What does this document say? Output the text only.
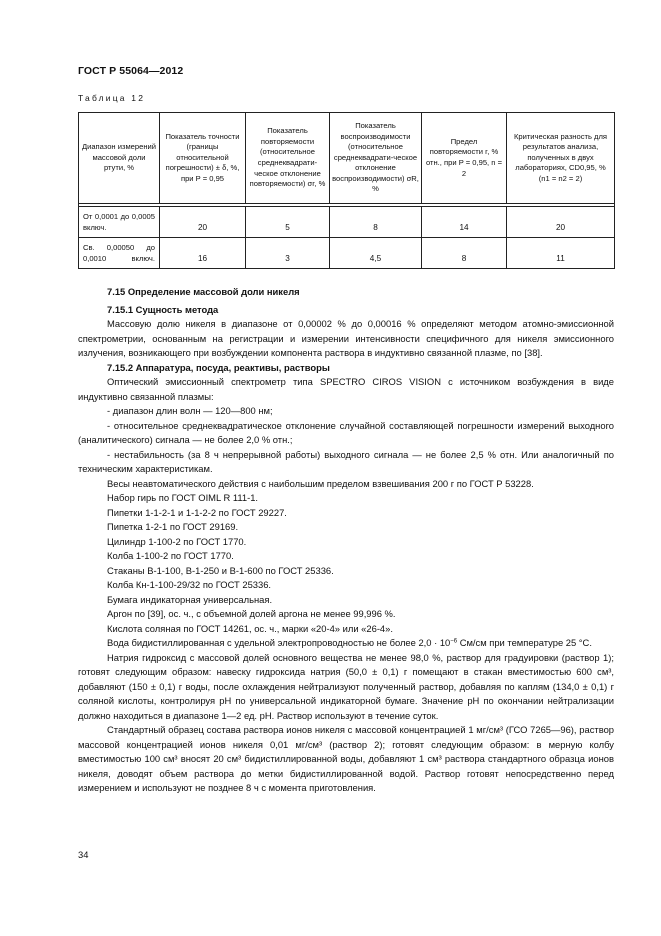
ГОСТ Р 55064—2012
Таблица 12
Диапазон измерений массовой доли ртути, %	Показатель точности (границы относительной погрешности) ± δ, %, при P = 0,95	Показатель повторяемости (относительное среднеквадрати-ческое отклонение повторяемости) σr, %	Показатель воспроизводимости (относительное среднеквадрати-ческое отклонение воспроизводимости) σR, %	Предел повторяемости r, % отн., при P = 0,95, n = 2	Критическая разность для результатов анализа, полученных в двух лабораториях, CD0,95, % (n1 = n2 = 2)

От 0,0001 до 0,0005 включ.	20	5	8	14	20
Св. 0,00050 до 0,0010 включ.	16	3	4,5	8	11
7.15 Определение массовой доли никеля
7.15.1 Сущность метода

Массовую долю никеля в диапазоне от 0,00002 % до 0,00016 % определяют методом атомно-эмиссионной спектрометрии, основанным на регистрации и измерении интенсивности специфичного для никеля эмиссионного излучения, возникающего при возбуждении компонента раствора в индуктивно связанной плазме, по [38].

7.15.2 Аппаратура, посуда, реактивы, растворы

Оптический эмиссионный спектрометр типа SPECTRO CIROS VISION с источником возбуждения в виде индуктивно связанной плазмы:

- диапазон длин волн — 120—800 нм;

- относительное среднеквадратическое отклонение случайной составляющей погрешности измерений выходного (аналитического) сигнала — не более 2,0 % отн.;

- нестабильность (за 8 ч непрерывной работы) выходного сигнала — не более 2,5 % отн. Или аналогичный по техническим характеристикам.

Весы неавтоматического действия с наибольшим пределом взвешивания 200 г по ГОСТ Р 53228.

Набор гирь по ГОСТ OIML R 111-1.

Пипетки 1-1-2-1 и 1-1-2-2 по ГОСТ 29227.

Пипетка 1-2-1 по ГОСТ 29169.

Цилиндр 1-100-2 по ГОСТ 1770.

Колба 1-100-2 по ГОСТ 1770.

Стаканы В-1-100, В-1-250 и В-1-600 по ГОСТ 25336.

Колба Кн-1-100-29/32 по ГОСТ 25336.

Бумага индикаторная универсальная.

Аргон по [39], ос. ч., с объемной долей аргона не менее 99,996 %.

Кислота соляная по ГОСТ 14261, ос. ч., марки «20-4» или «26-4».

Вода бидистиллированная с удельной электропроводностью не более $2,0 \cdot 10^{-6}$ См/см при температуре 25 °С.

Натрия гидроксид с массовой долей основного вещества не менее 98,0 %, раствор для градуировки (раствор 1); готовят следующим образом: навеску гидроксида натрия (50,0 ± 0,1) г помещают в стакан вместимостью 600 см³, добавляют (150 ± 0,1) г воды, после охлаждения нейтрализуют полученный раствор, добавляя по каплям (134,0 ± 0,1) г соляной кислоты, контролируя pH по универсальной индикаторной бумаге. Значение pH по окончании нейтрализации должно находиться в диапазоне 1—2 ед. pH. Раствор используют в течение суток.

Стандартный образец состава раствора ионов никеля с массовой концентрацией 1 мг/см³ (ГСО 7265—96), раствор массовой концентрацией ионов никеля 0,01 мг/см³ (раствор 2); готовят следующим образом: в мерную колбу вместимостью 100 см³ вносят 20 см³ бидистиллированной воды, добавляют 1 см³ раствора стандартного образца ионов никеля, доводят объем раствора до метки бидистиллированной водой. Раствор готовят непосредственно перед измерением и используют не позднее 8 ч с момента приготовления.

34
